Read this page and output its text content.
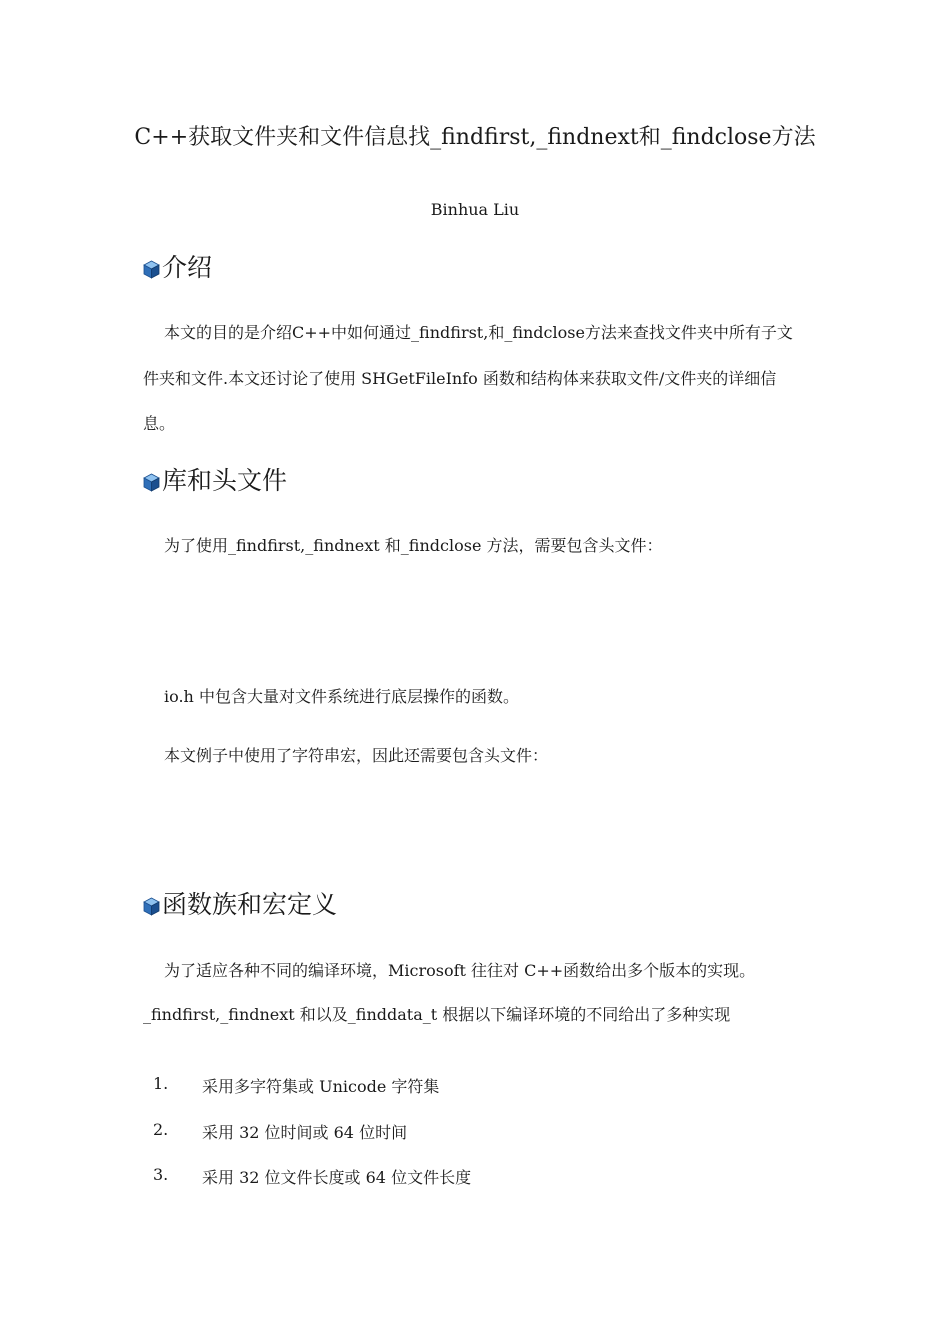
C++获取文件夹和文件信息找_findfirst,_findnext和_findclose方法
Binhua Liu
介绍
本文的目的是介绍C++中如何通过_findfirst,和_findclose方法来查找文件夹中所有子文
件夹和文件.本文还讨论了使用 SHGetFileInfo 函数和结构体来获取文件/文件夹的详细信
息。
库和头文件
为了使用_findfirst,_findnext 和_findclose 方法，需要包含头文件：
io.h 中包含大量对文件系统进行底层操作的函数。
本文例子中使用了字符串宏，因此还需要包含头文件：
函数族和宏定义
为了适应各种不同的编译环境，Microsoft 往往对 C++函数给出多个版本的实现。
_findfirst,_findnext 和以及_finddata_t 根据以下编译环境的不同给出了多种实现
1. 采用多字符集或 Unicode 字符集
2. 采用 32 位时间或 64 位时间
3. 采用 32 位文件长度或 64 位文件长度
